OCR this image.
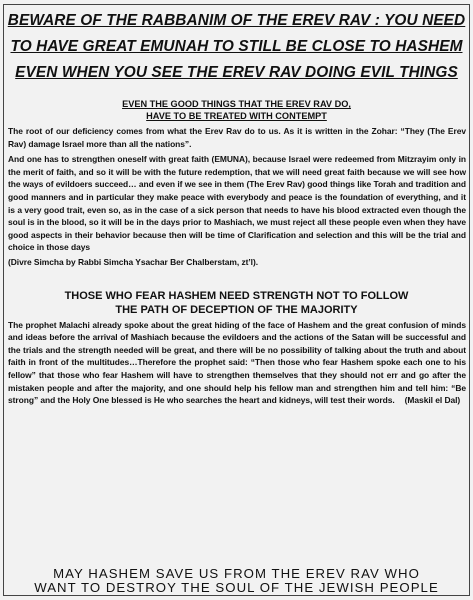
BEWARE OF THE RABBANIM OF THE EREV RAV : YOU NEED TO HAVE GREAT EMUNAH TO STILL BE CLOSE TO HASHEM EVEN WHEN YOU SEE THE EREV RAV DOING EVIL THINGS
EVEN THE GOOD THINGS THAT THE EREV RAV DO,
HAVE TO BE TREATED WITH CONTEMPT

The root of our deficiency comes from what the Erev Rav do to us. As it is written in the Zohar: “They (The Erev Rav) damage Israel more than all the nations”.

And one has to strengthen oneself with great faith (EMUNA), because Israel were redeemed from Mitzrayim only in the merit of faith, and so it will be with the future redemption, that we will need great faith because we will see how the ways of evildoers succeed… and even if we see in them (The Erev Rav) good things like Torah and tradition and good manners and in particular they make peace with everybody and peace is the foundation of everything, and it is a very good trait, even so, as in the case of a sick person that needs to have his blood extracted even though the soul is in the blood, so it will be in the days prior to Mashiach, we must reject all these people even when they have good aspects in their behavior because then will be time of Clarification and selection and this will be the trial and choice in those days

(Divre Simcha by Rabbi Simcha Ysachar Ber Chalberstam, zt’l).

THOSE WHO FEAR HASHEM NEED STRENGTH NOT TO FOLLOW
THE PATH OF DECEPTION OF THE MAJORITY

The prophet Malachi already spoke about the great hiding of the face of Hashem and the great confusion of minds and ideas before the arrival of Mashiach because the evildoers and the actions of the Satan will be successful and the trials and the strength needed will be great, and there will be no possibility of talking about the truth and about faith in front of the multitudes…Therefore the prophet said: “Then those who fear Hashem spoke each one to his fellow” that those who fear Hashem will have to strengthen themselves that they should not err and go after the mistaken people and after the majority, and one should help his fellow man and strengthen him and tell him: “Be strong” and the Holy One blessed is He who searches the heart and kidneys, will test their words. (Maskil el Dal)

MAY HASHEM SAVE US FROM THE EREV RAV WHO
WANT TO DESTROY THE SOUL OF THE JEWISH PEOPLE
